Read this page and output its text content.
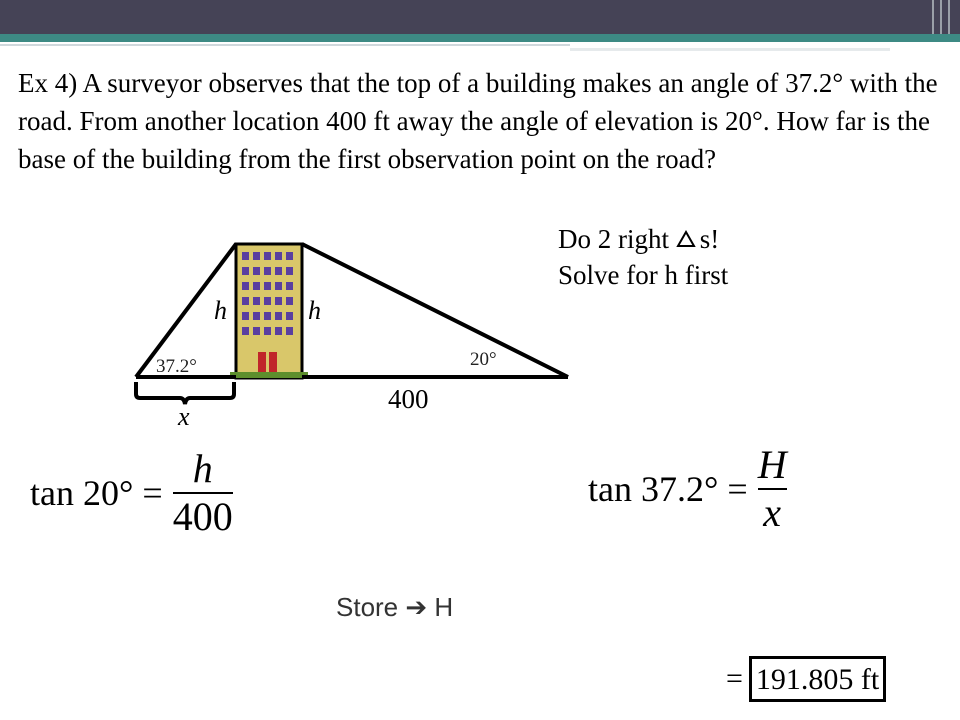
Ex 4) A surveyor observes that the top of a building makes an angle of 37.2° with the road. From another location 400 ft away the angle of elevation is 20°. How far is the base of the building from the first observation point on the road?
Do 2 right s!
Solve for h first
h	h
37.2°	20°
400
x
$\tan 20^\circ = \frac{h}{400}$	$\tan 37.2^\circ = \frac{H}{x}$
Store ➔ H
= 191.805 ft
